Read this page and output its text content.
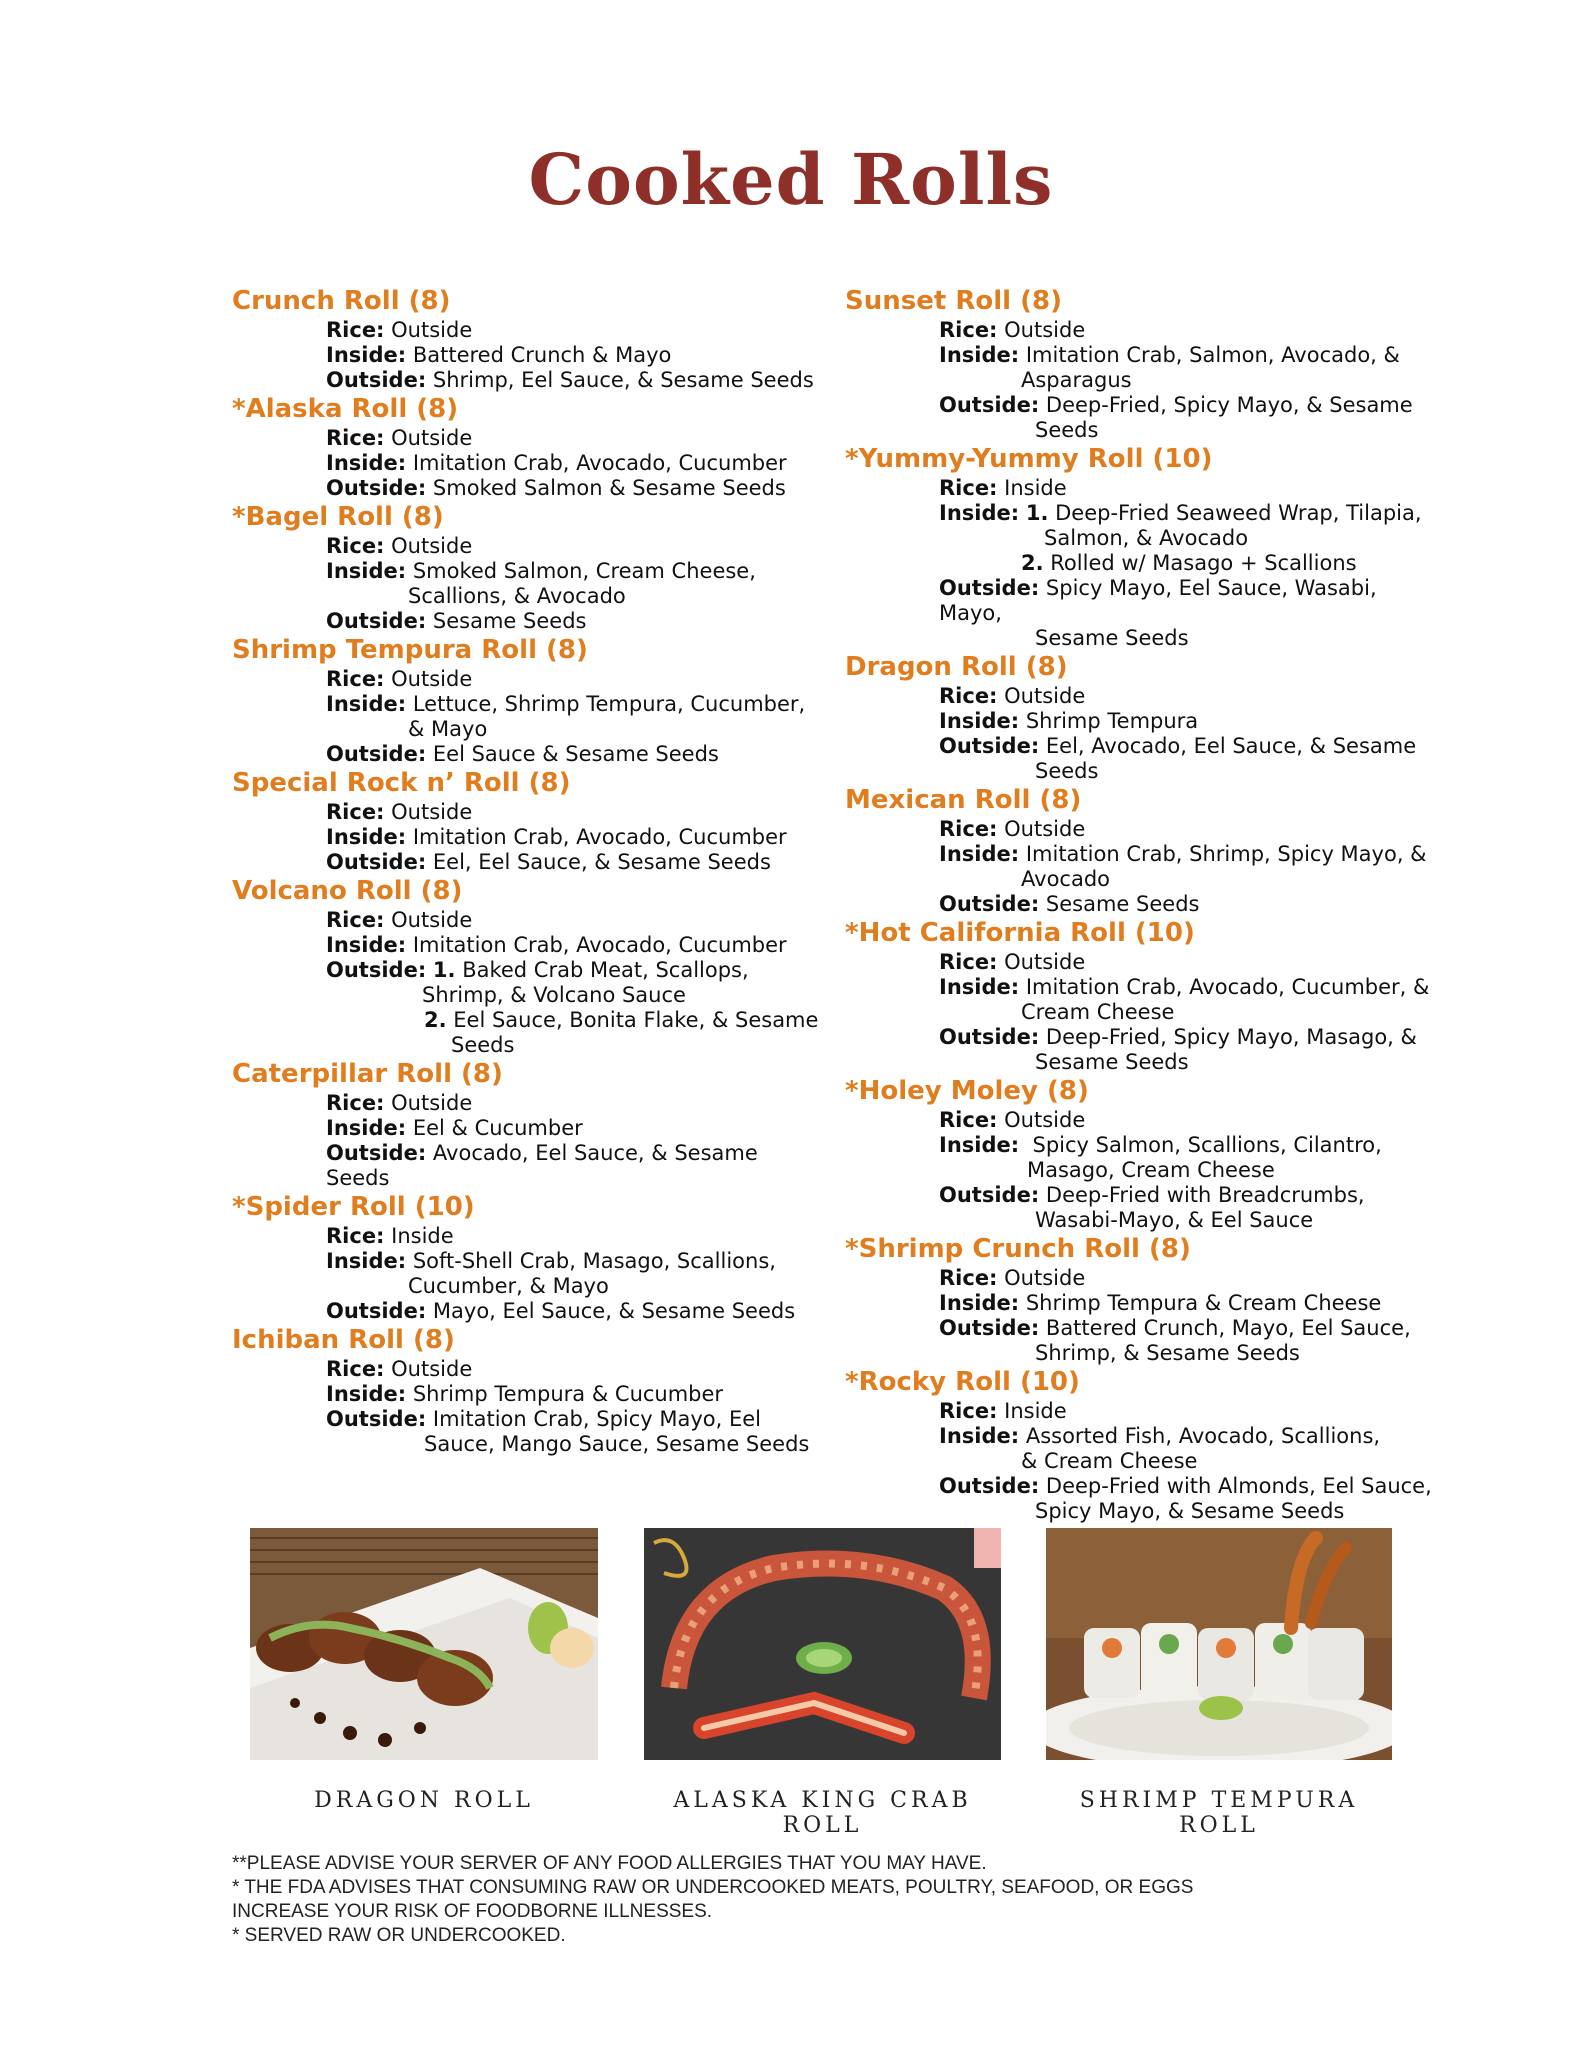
Cooked Rolls
Crunch Roll (8)
Rice: Outside
Inside: Battered Crunch & Mayo
Outside: Shrimp, Eel Sauce, & Sesame Seeds
*Alaska Roll (8)
Rice: Outside
Inside: Imitation Crab, Avocado, Cucumber
Outside: Smoked Salmon & Sesame Seeds
*Bagel Roll (8)
Rice: Outside
Inside: Smoked Salmon, Cream Cheese,
Scallions, & Avocado
Outside: Sesame Seeds
Shrimp Tempura Roll (8)
Rice: Outside
Inside: Lettuce, Shrimp Tempura, Cucumber,
& Mayo
Outside: Eel Sauce & Sesame Seeds
Special Rock n’ Roll (8)
Rice: Outside
Inside: Imitation Crab, Avocado, Cucumber
Outside: Eel, Eel Sauce, & Sesame Seeds
Volcano Roll (8)
Rice: Outside
Inside: Imitation Crab, Avocado, Cucumber
Outside: 1. Baked Crab Meat, Scallops,
Shrimp, & Volcano Sauce
2. Eel Sauce, Bonita Flake, & Sesame
Seeds
Caterpillar Roll (8)
Rice: Outside
Inside: Eel & Cucumber
Outside: Avocado, Eel Sauce, & Sesame Seeds
*Spider Roll (10)
Rice: Inside
Inside: Soft-Shell Crab, Masago, Scallions,
Cucumber, & Mayo
Outside: Mayo, Eel Sauce, & Sesame Seeds
Ichiban Roll (8)
Rice: Outside
Inside: Shrimp Tempura & Cucumber
Outside: Imitation Crab, Spicy Mayo, Eel
Sauce, Mango Sauce, Sesame Seeds
Sunset Roll (8)
Rice: Outside
Inside: Imitation Crab, Salmon, Avocado, &
Asparagus
Outside: Deep-Fried, Spicy Mayo, & Sesame
Seeds
*Yummy-Yummy Roll (10)
Rice: Inside
Inside: 1. Deep-Fried Seaweed Wrap, Tilapia,
Salmon, & Avocado
2. Rolled w/ Masago + Scallions
Outside: Spicy Mayo, Eel Sauce, Wasabi, Mayo,
Sesame Seeds
Dragon Roll (8)
Rice: Outside
Inside: Shrimp Tempura
Outside: Eel, Avocado, Eel Sauce, & Sesame
Seeds
Mexican Roll (8)
Rice: Outside
Inside: Imitation Crab, Shrimp, Spicy Mayo, &
Avocado
Outside: Sesame Seeds
*Hot California Roll (10)
Rice: Outside
Inside: Imitation Crab, Avocado, Cucumber, &
Cream Cheese
Outside: Deep-Fried, Spicy Mayo, Masago, &
Sesame Seeds
*Holey Moley (8)
Rice: Outside
Inside: Spicy Salmon, Scallions, Cilantro,
Masago, Cream Cheese
Outside: Deep-Fried with Breadcrumbs,
Wasabi-Mayo, & Eel Sauce
*Shrimp Crunch Roll (8)
Rice: Outside
Inside: Shrimp Tempura & Cream Cheese
Outside: Battered Crunch, Mayo, Eel Sauce,
Shrimp, & Sesame Seeds
*Rocky Roll (10)
Rice: Inside
Inside: Assorted Fish, Avocado, Scallions,
& Cream Cheese
Outside: Deep-Fried with Almonds, Eel Sauce,
Spicy Mayo, & Sesame Seeds
DRAGON ROLL	ALASKA KING CRAB ROLL
SHRIMP TEMPURA ROLL
**PLEASE ADVISE YOUR SERVER OF ANY FOOD ALLERGIES THAT YOU MAY HAVE.
* THE FDA ADVISES THAT CONSUMING RAW OR UNDERCOOKED MEATS, POULTRY, SEAFOOD, OR EGGS
INCREASE YOUR RISK OF FOODBORNE ILLNESSES.
* SERVED RAW OR UNDERCOOKED.
